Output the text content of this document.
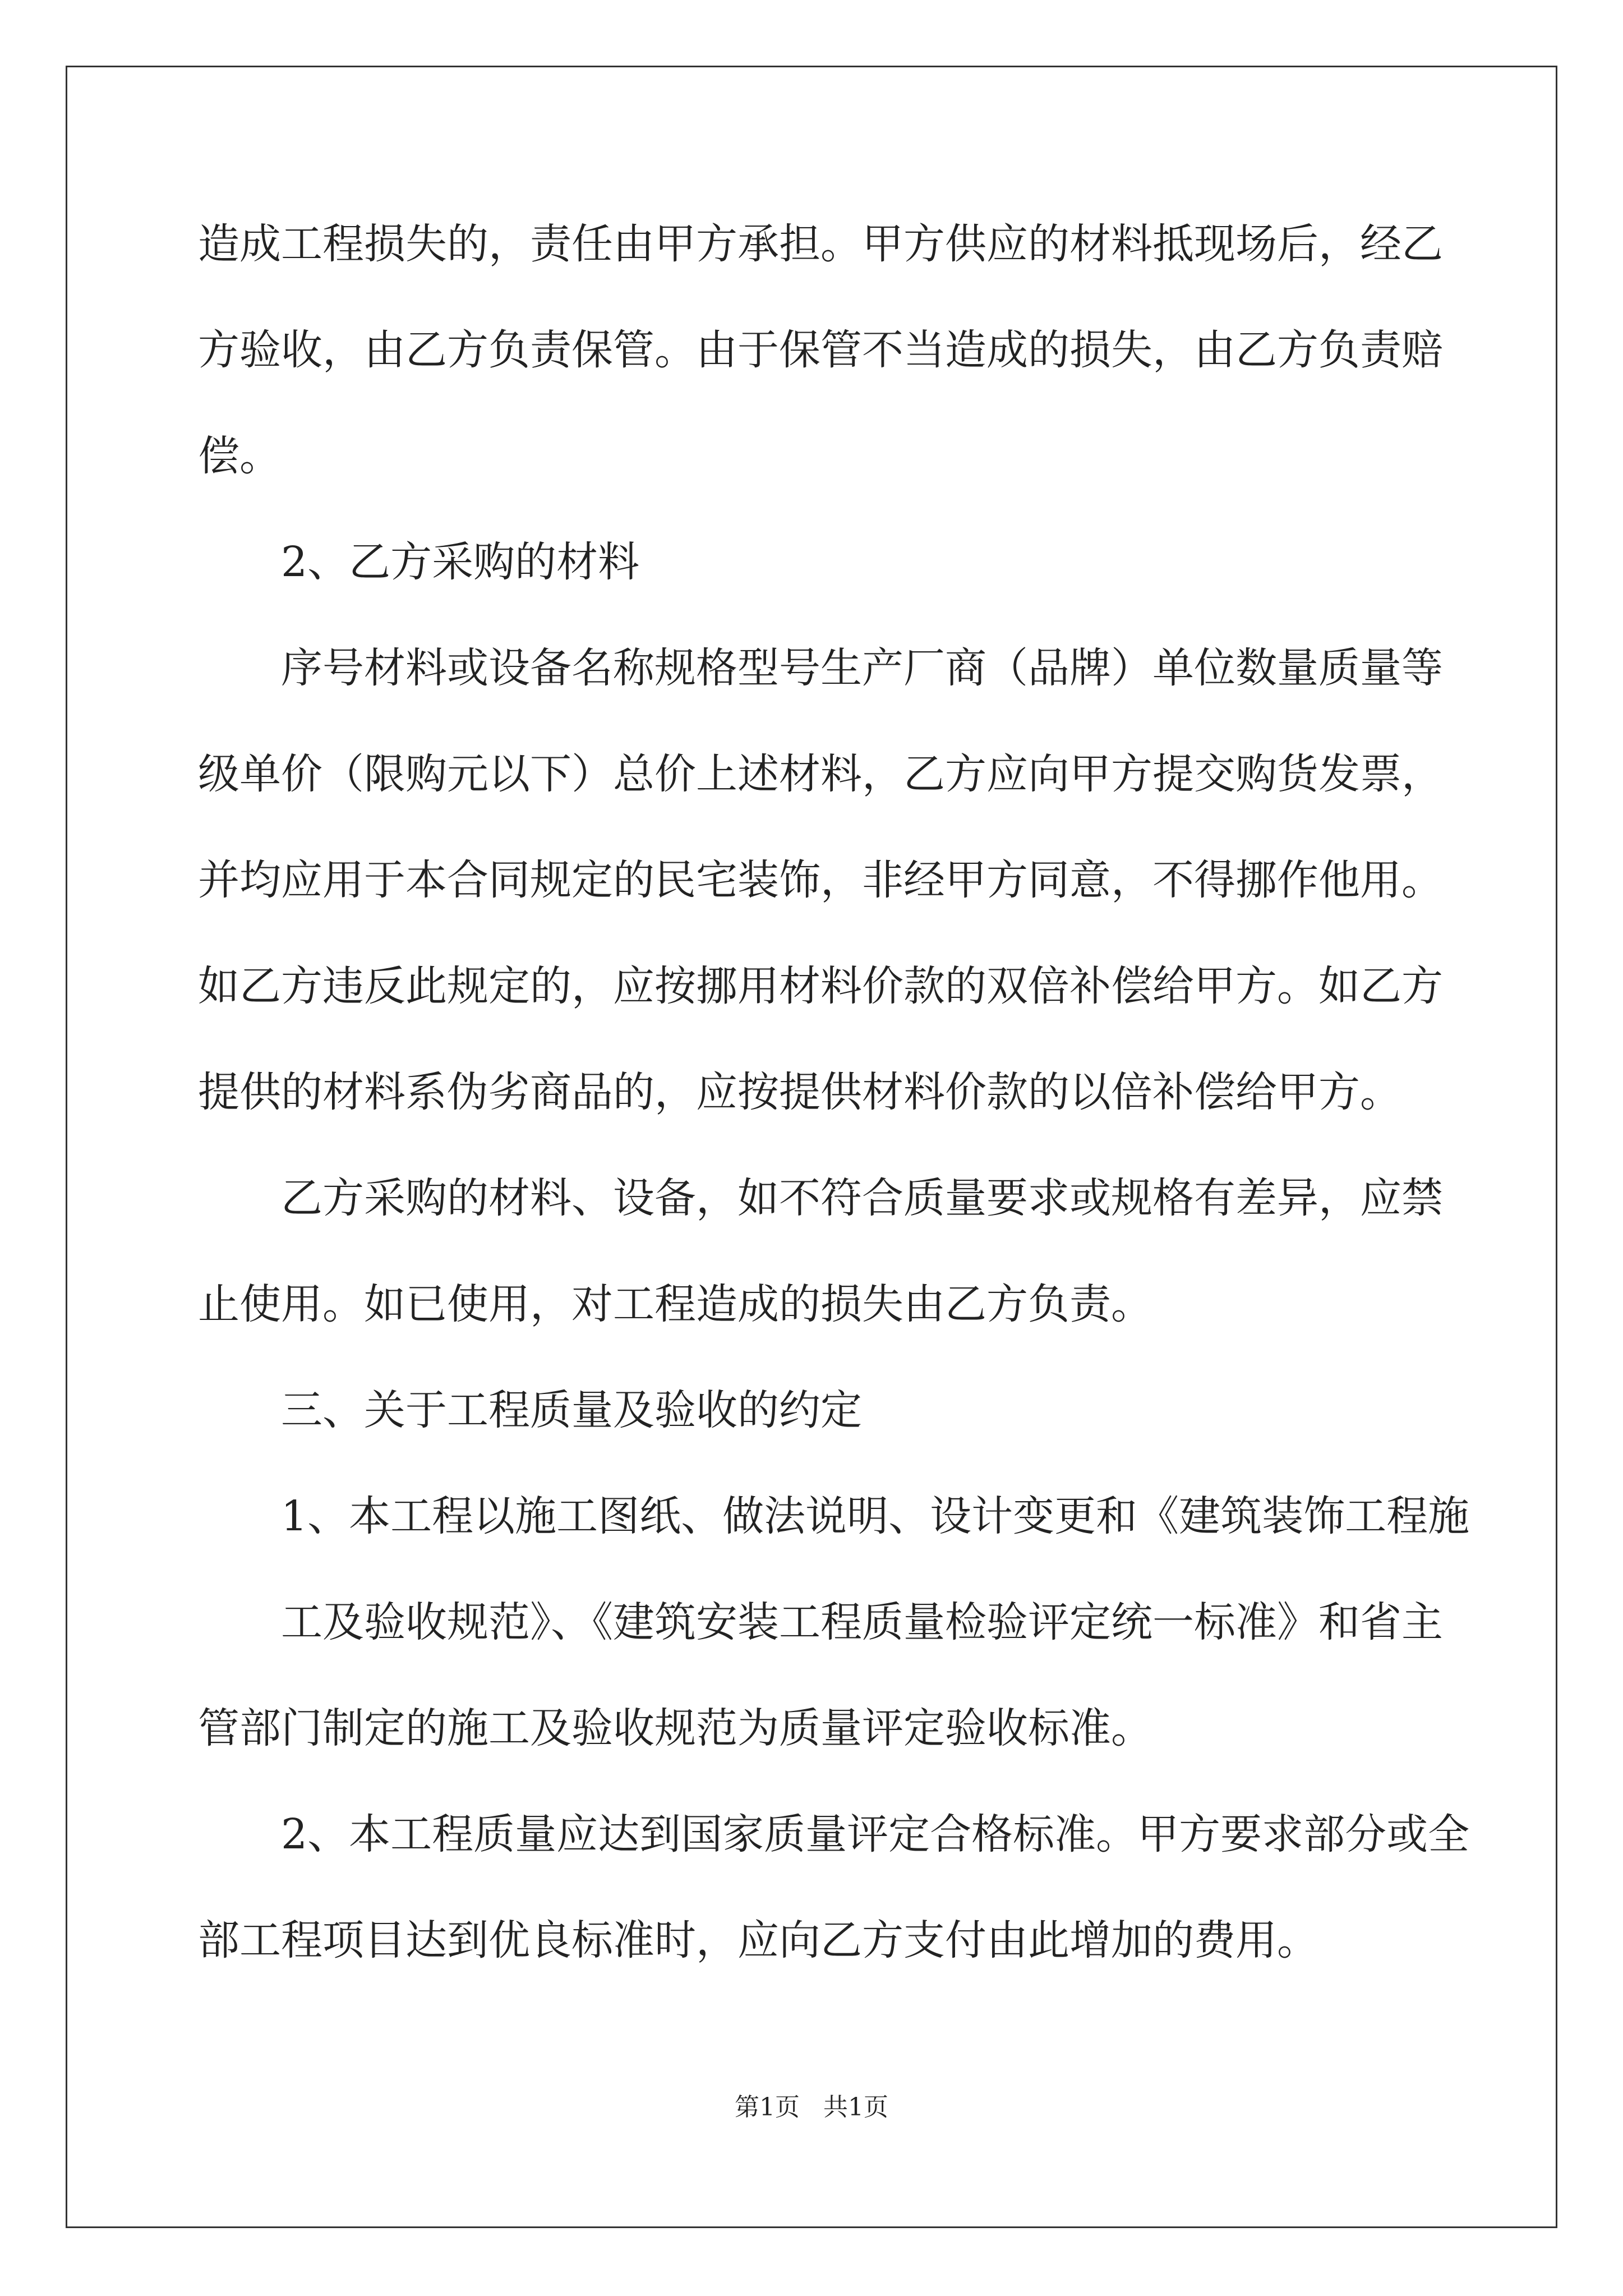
造成工程损失的，责任由甲方承担。甲方供应的材料抵现场后，经乙

方验收，由乙方负责保管。由于保管不当造成的损失，由乙方负责赔

偿。

2、乙方采购的材料

序号材料或设备名称规格型号生产厂商（品牌）单位数量质量等

级单价（限购元以下）总价上述材料，乙方应向甲方提交购货发票，

并均应用于本合同规定的民宅装饰，非经甲方同意，不得挪作他用。

如乙方违反此规定的，应按挪用材料价款的双倍补偿给甲方。如乙方

提供的材料系伪劣商品的，应按提供材料价款的以倍补偿给甲方。

乙方采购的材料、设备，如不符合质量要求或规格有差异，应禁

止使用。如已使用，对工程造成的损失由乙方负责。

三、关于工程质量及验收的约定

1、本工程以施工图纸、做法说明、设计变更和《建筑装饰工程施

工及验收规范》、《建筑安装工程质量检验评定统一标准》和省主

管部门制定的施工及验收规范为质量评定验收标准。

2、本工程质量应达到国家质量评定合格标准。甲方要求部分或全

部工程项目达到优良标准时，应向乙方支付由此增加的费用。

第1页   共1页
